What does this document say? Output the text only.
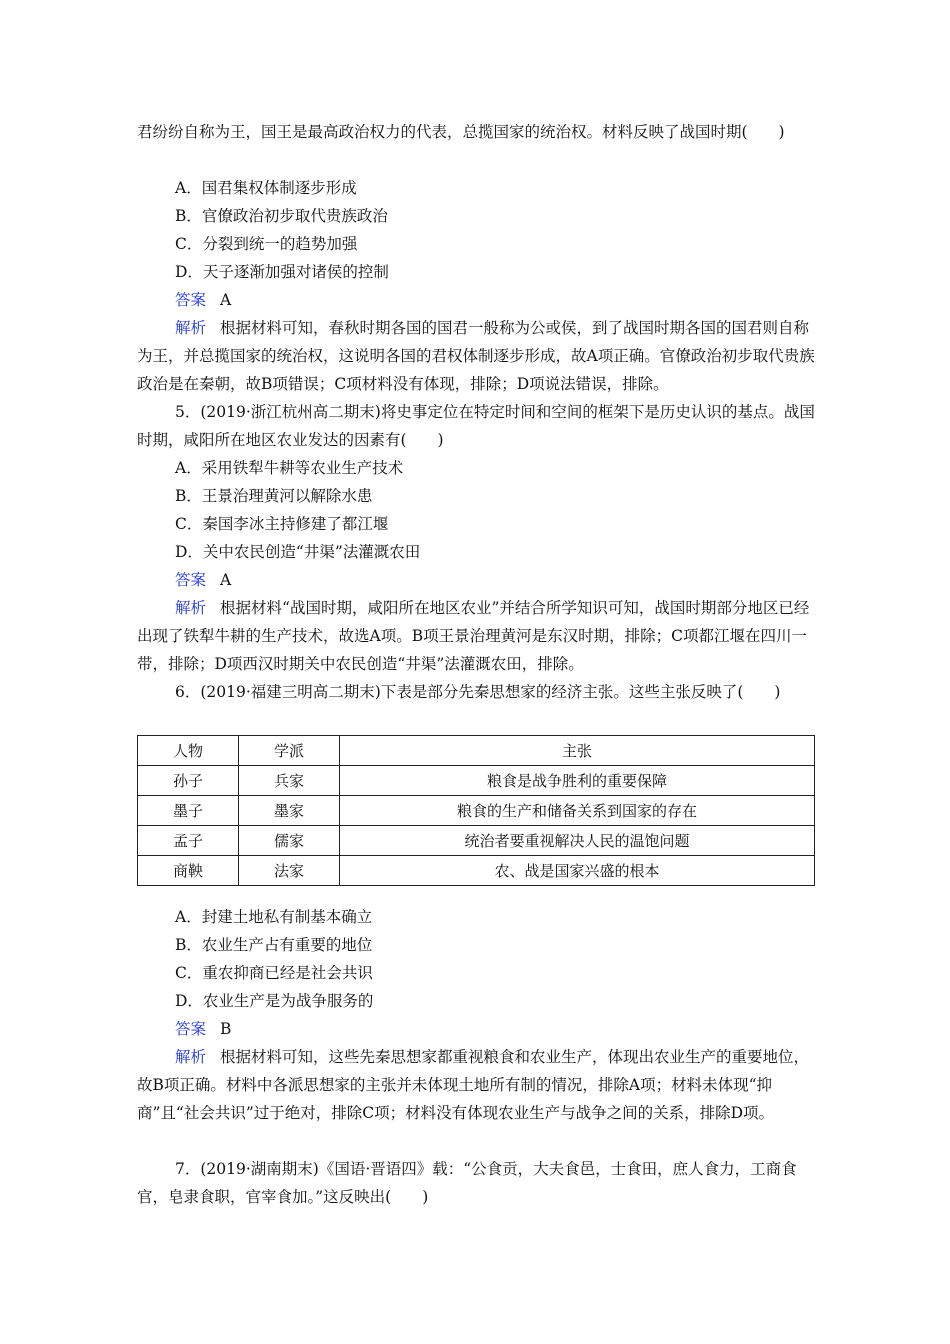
君纷纷自称为王，国王是最高政治权力的代表，总揽国家的统治权。材料反映了战国时期(　　)

A．国君集权体制逐步形成

B．官僚政治初步取代贵族政治

C．分裂到统一的趋势加强

D．天子逐渐加强对诸侯的控制

答案 A

解析 根据材料可知，春秋时期各国的国君一般称为公或侯，到了战国时期各国的国君则自称为王，并总揽国家的统治权，这说明各国的君权体制逐步形成，故A项正确。官僚政治初步取代贵族政治是在秦朝，故B项错误；C项材料没有体现，排除；D项说法错误，排除。

5．(2019·浙江杭州高二期末)将史事定位在特定时间和空间的框架下是历史认识的基点。战国时期，咸阳所在地区农业发达的因素有(　　)

A．采用铁犁牛耕等农业生产技术

B．王景治理黄河以解除水患

C．秦国李冰主持修建了都江堰

D．关中农民创造“井渠”法灌溉农田

答案 A

解析 根据材料“战国时期，咸阳所在地区农业”并结合所学知识可知，战国时期部分地区已经出现了铁犁牛耕的生产技术，故选A项。B项王景治理黄河是东汉时期，排除；C项都江堰在四川一带，排除；D项西汉时期关中农民创造“井渠”法灌溉农田，排除。

6．(2019·福建三明高二期末)下表是部分先秦思想家的经济主张。这些主张反映了(　　)

人物	学派	主张
孙子	兵家	粮食是战争胜利的重要保障
墨子	墨家	粮食的生产和储备关系到国家的存在
孟子	儒家	统治者要重视解决人民的温饱问题
商鞅	法家	农、战是国家兴盛的根本

A．封建土地私有制基本确立

B．农业生产占有重要的地位

C．重农抑商已经是社会共识

D．农业生产是为战争服务的

答案 B

解析 根据材料可知，这些先秦思想家都重视粮食和农业生产，体现出农业生产的重要地位，故B项正确。材料中各派思想家的主张并未体现土地所有制的情况，排除A项；材料未体现“抑商”且“社会共识”过于绝对，排除C项；材料没有体现农业生产与战争之间的关系，排除D项。

7．(2019·湖南期末)《国语·晋语四》载：“公食贡，大夫食邑，士食田，庶人食力，工商食官，皂隶食职，官宰食加。”这反映出(　　)
